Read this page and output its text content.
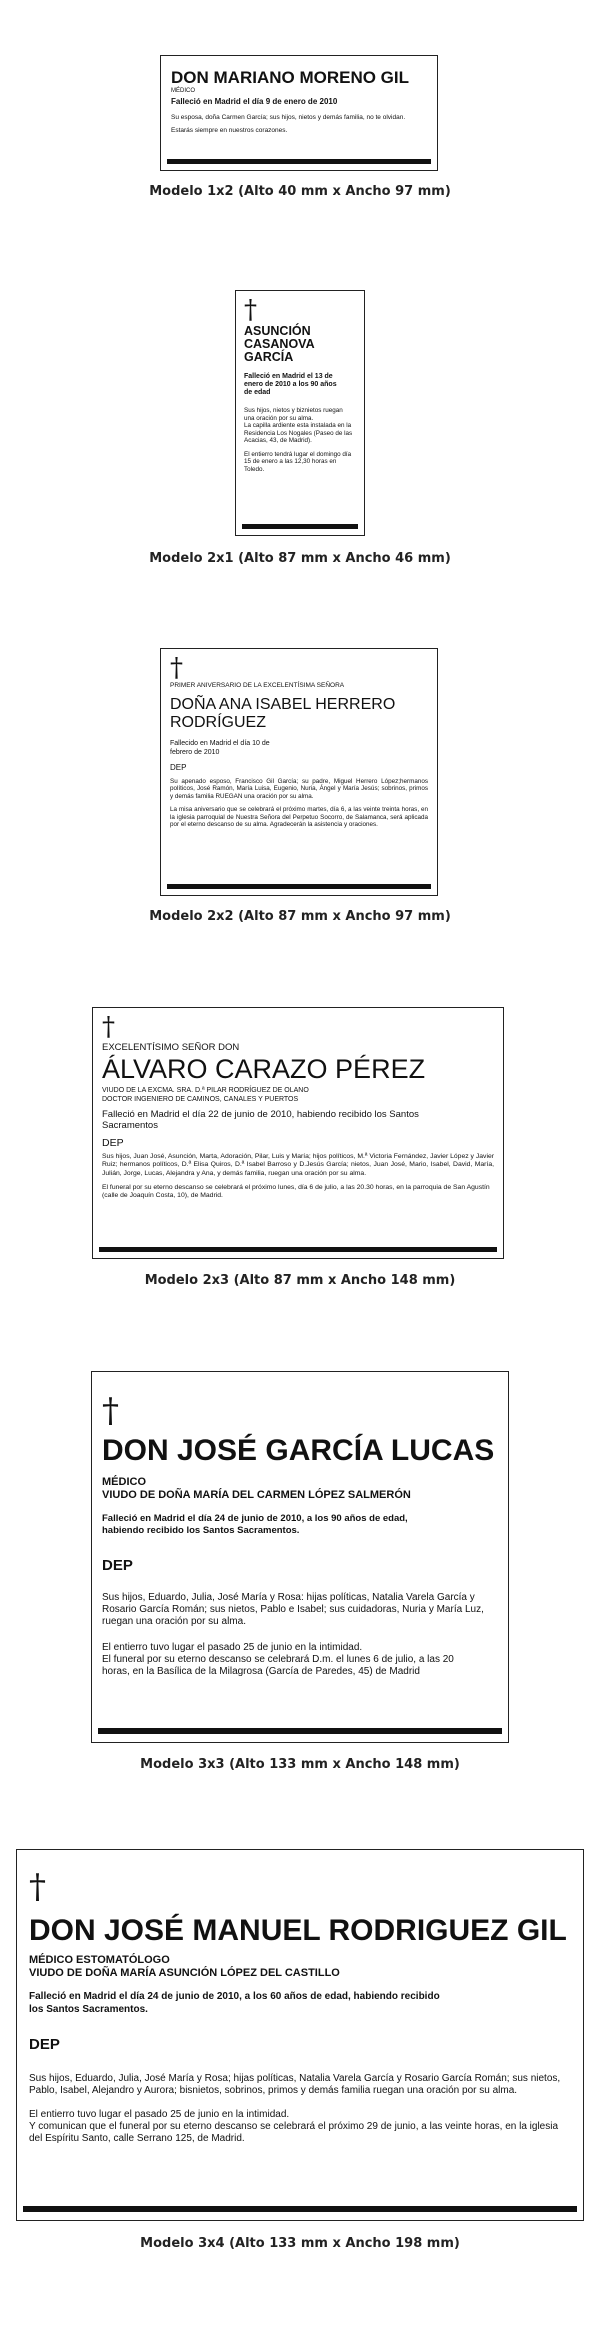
DON MARIANO MORENO GIL

MÉDICO

Falleció en Madrid el día 9 de enero de 2010

Su esposa, doña Carmen García; sus hijos, nietos y demás familia, no te olvidan.

Estarás siempre en nuestros corazones.

Modelo 1x2 (Alto 40 mm x Ancho 97 mm)
†

ASUNCIÓN CASANOVA GARCÍA

Falleció en Madrid el 13 de enero de 2010 a los 90 años de edad

Sus hijos, nietos y biznietos ruegan una oración por su alma.

La capilla ardiente esta instalada en la Residencia Los Nogales (Paseo de las Acacias, 43, de Madrid).

El entierro tendrá lugar el domingo día 15 de enero a las 12,30 horas en Toledo.

Modelo 2x1 (Alto 87 mm x Ancho 46 mm)
†

PRIMER ANIVERSARIO DE LA EXCELENTÍSIMA SEÑORA

DOÑA ANA ISABEL HERRERO RODRÍGUEZ

Fallecido en Madrid el día 10 de febrero de 2010

DEP

Su apenado esposo, Francisco Gil García; su padre, Miguel Herrero López;hermanos políticos, José Ramón, María Luisa, Eugenio, Nuria, Ángel y María Jesús; sobrinos, primos y demás familia RUEGAN una oración por su alma.

La misa aniversario que se celebrará el próximo martes, día 6, a las veinte treinta horas, en la iglesia parroquial de Nuestra Señora del Perpetuo Socorro, de Salamanca, será aplicada por el eterno descanso de su alma. Agradecerán la asistencia y oraciones.

Modelo 2x2 (Alto 87 mm x Ancho 97 mm)
†

EXCELENTÍSIMO SEÑOR DON

ÁLVARO CARAZO PÉREZ

VIUDO DE LA EXCMA. SRA. D.ª PILAR RODRÍGUEZ DE OLANO

DOCTOR INGENIERO DE CAMINOS, CANALES Y PUERTOS

Falleció en Madrid el día 22 de junio de 2010, habiendo recibido los Santos Sacramentos

DEP

Sus hijos, Juan José, Asunción, Marta, Adoración, Pilar, Luis y María; hijos políticos, M.ª Victoria Fernández, Javier López y Javier Ruiz; hermanos políticos, D.ª Elisa Quiros, D.ª Isabel Barroso y D.Jesús García; nietos, Juan José, Mario, Isabel, David, María, Julián, Jorge, Lucas, Alejandra y Ana, y demás familia, ruegan una oración por su alma.

El funeral por su eterno descanso se celebrará el próximo lunes, día 6 de julio, a las 20.30 horas, en la parroquia de San Agustín (calle de Joaquín Costa, 10), de Madrid.

Modelo 2x3 (Alto 87 mm x Ancho 148 mm)
†

DON JOSÉ GARCÍA LUCAS

MÉDICO

VIUDO DE DOÑA MARÍA DEL CARMEN LÓPEZ SALMERÓN

Falleció en Madrid el día 24 de junio de 2010, a los 90 años de edad, habiendo recibido los Santos Sacramentos.

DEP

Sus hijos, Eduardo, Julia, José María y Rosa: hijas políticas, Natalia Varela García y Rosario García Román; sus nietos, Pablo e Isabel; sus cuidadoras, Nuria y María Luz, ruegan una oración por su alma.

El entierro tuvo lugar el pasado 25 de junio en la intimidad.

El funeral por su eterno descanso se celebrará D.m. el lunes 6 de julio, a las 20 horas, en la Basílica de la Milagrosa (García de Paredes, 45) de Madrid

Modelo 3x3 (Alto 133 mm x Ancho 148 mm)
†

DON JOSÉ MANUEL RODRIGUEZ GIL

MÉDICO ESTOMATÓLOGO

VIUDO DE DOÑA MARÍA ASUNCIÓN LÓPEZ DEL CASTILLO

Falleció en Madrid el día 24 de junio de 2010, a los 60 años de edad, habiendo recibido los Santos Sacramentos.

DEP

Sus hijos, Eduardo, Julia, José María y Rosa; hijas políticas, Natalia Varela García y Rosario García Román; sus nietos, Pablo, Isabel, Alejandro y Aurora; bisnietos, sobrinos, primos y demás familia ruegan una oración por su alma.

El entierro tuvo lugar el pasado 25 de junio en la intimidad.

Y comunican que el funeral por su eterno descanso se celebrará el próximo 29 de junio, a las veinte horas, en la iglesia del Espíritu Santo, calle Serrano 125, de Madrid.

Modelo 3x4 (Alto 133 mm x Ancho 198 mm)
